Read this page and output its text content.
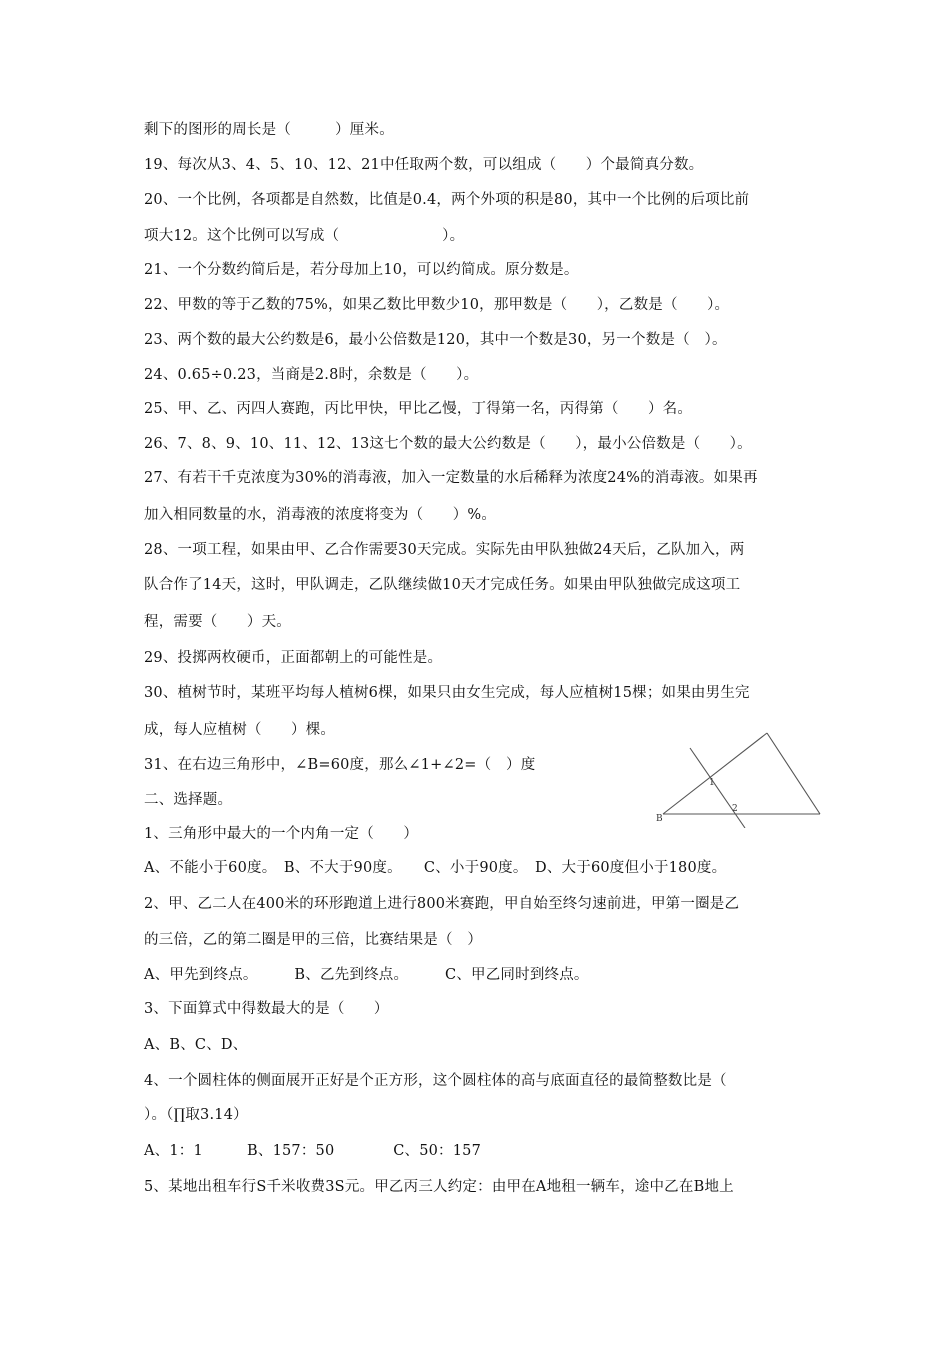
剩下的图形的周长是（　　　）厘米。
19、每次从3、4、5、10、12、21中任取两个数，可以组成（　　）个最简真分数。
20、一个比例，各项都是自然数，比值是0.4，两个外项的积是80，其中一个比例的后项比前
项大12。这个比例可以写成（　　　　　　　）。
21、一个分数约简后是，若分母加上10，可以约简成。原分数是。
22、甲数的等于乙数的75%，如果乙数比甲数少10，那甲数是（　　），乙数是（　　）。
23、两个数的最大公约数是6，最小公倍数是120，其中一个数是30，另一个数是（　）。
24、0.65÷0.23，当商是2.8时，余数是（　　）。
25、甲、乙、丙四人赛跑，丙比甲快，甲比乙慢，丁得第一名，丙得第（　　）名。
26、7、8、9、10、11、12、13这七个数的最大公约数是（　　），最小公倍数是（　　）。
27、有若干千克浓度为30%的消毒液，加入一定数量的水后稀释为浓度24%的消毒液。如果再
加入相同数量的水，消毒液的浓度将变为（　　）%。
28、一项工程，如果由甲、乙合作需要30天完成。实际先由甲队独做24天后，乙队加入，两
队合作了14天，这时，甲队调走，乙队继续做10天才完成任务。如果由甲队独做完成这项工
程，需要（　　）天。
29、投掷两枚硬币，正面都朝上的可能性是。
30、植树节时，某班平均每人植树6棵，如果只由女生完成，每人应植树15棵；如果由男生完
成，每人应植树（　　）棵。
31、在右边三角形中，∠B=60度，那么∠1+∠2=（　）度
二、选择题。
1、三角形中最大的一个内角一定（　　）
A、不能小于60度。　B、不大于90度。　　C、小于90度。　D、大于60度但小于180度。
2、甲、乙二人在400米的环形跑道上进行800米赛跑，甲自始至终匀速前进，甲第一圈是乙
的三倍，乙的第二圈是甲的三倍，比赛结果是（　）
A、甲先到终点。　　　B、乙先到终点。　　　C、甲乙同时到终点。
3、下面算式中得数最大的是（　　）
A、B、C、D、
4、一个圆柱体的侧面展开正好是个正方形，这个圆柱体的高与底面直径的最简整数比是（
）。（∏取3.14）
A、1：1　　　B、157：50　　　　C、50：157
5、某地出租车行S千米收费3S元。甲乙丙三人约定：由甲在A地租一辆车，途中乙在B地上
B
1
2
